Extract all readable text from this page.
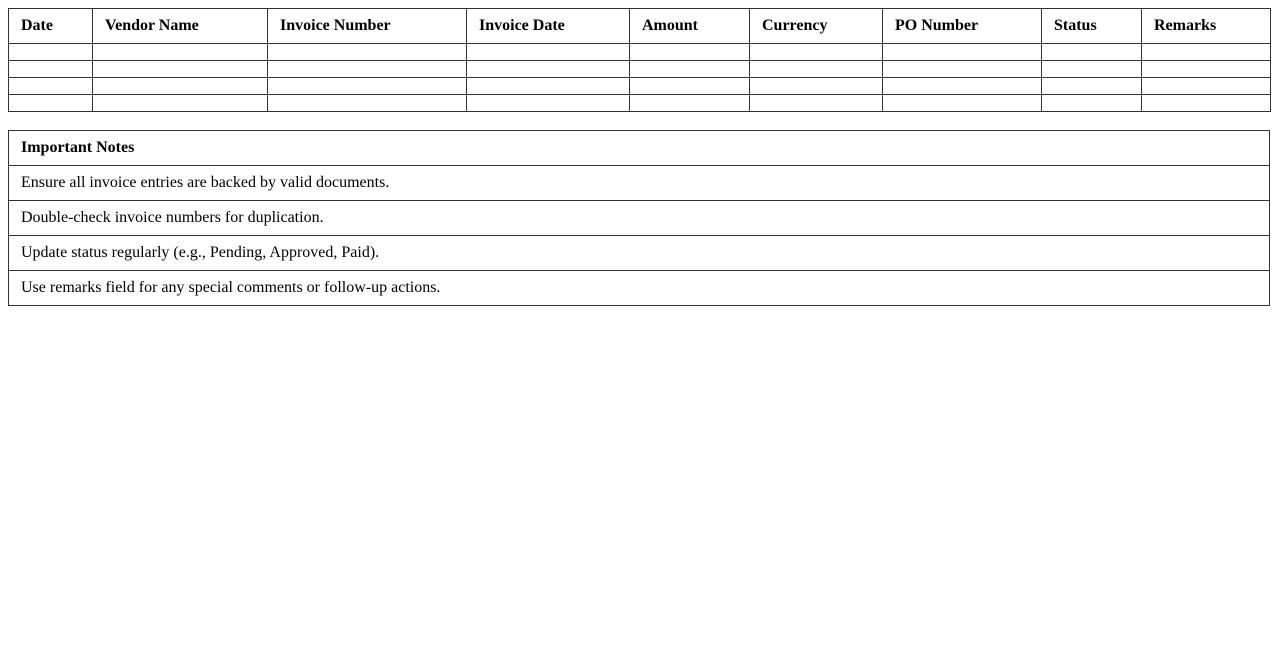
Date	Vendor Name	Invoice Number	Invoice Date	Amount	Currency	PO Number	Status	Remarks

Important Notes
Ensure all invoice entries are backed by valid documents.
Double-check invoice numbers for duplication.
Update status regularly (e.g., Pending, Approved, Paid).
Use remarks field for any special comments or follow-up actions.
